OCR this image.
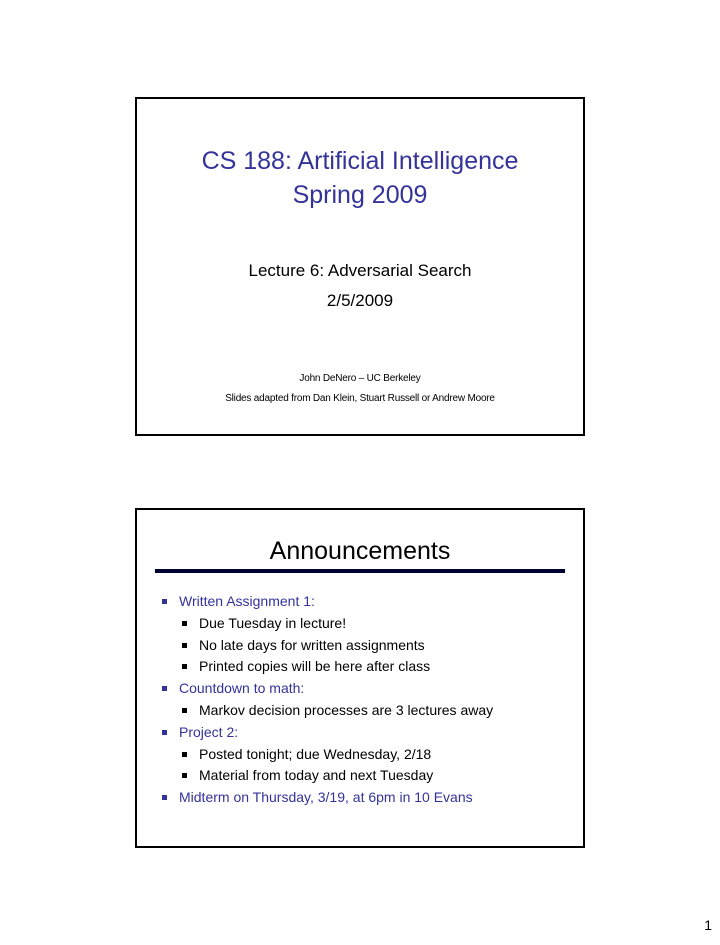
CS 188: Artificial Intelligence
Spring 2009
Lecture 6: Adversarial Search
2/5/2009
John DeNero – UC Berkeley
Slides adapted from Dan Klein, Stuart Russell or Andrew Moore
Announcements
Written Assignment 1:
Due Tuesday in lecture!
No late days for written assignments
Printed copies will be here after class
Countdown to math:
Markov decision processes are 3 lectures away
Project 2:
Posted tonight; due Wednesday, 2/18
Material from today and next Tuesday
Midterm on Thursday, 3/19, at 6pm in 10 Evans
1
